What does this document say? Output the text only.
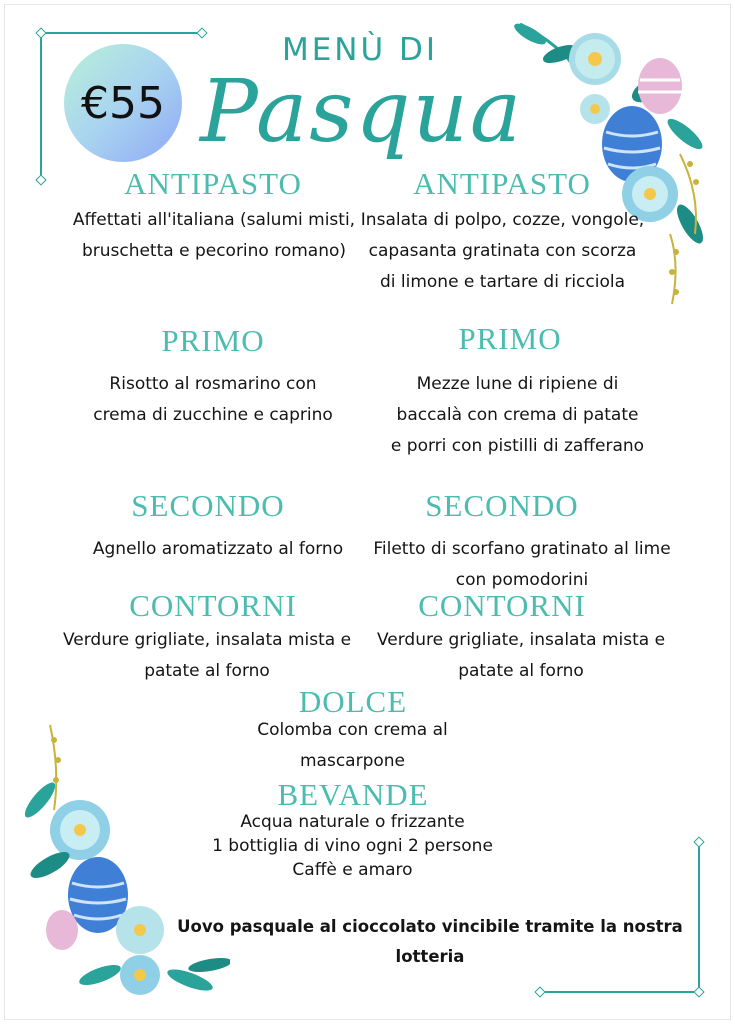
€55
MENÙ DI
Pasqua
ANTIPASTO
Affettati all'italiana (salumi misti, bruschetta e pecorino romano)
PRIMO
Risotto al rosmarino con crema di zucchine e caprino
SECONDO
Agnello aromatizzato al forno
CONTORNI
Verdure grigliate, insalata mista e patate al forno
ANTIPASTO
Insalata di polpo, cozze, vongole, capasanta gratinata con scorza di limone e tartare di ricciola
PRIMO
Mezze lune di ripiene di baccalà con crema di patate e porri con pistilli di zafferano
SECONDO
Filetto di scorfano gratinato al lime con pomodorini
CONTORNI
Verdure grigliate, insalata mista e patate al forno
DOLCE
Colomba con crema al mascarpone
BEVANDE
Acqua naturale o frizzante
1 bottiglia di vino ogni 2 persone
Caffè e amaro
Uovo pasquale al cioccolato vincibile tramite la nostra lotteria
